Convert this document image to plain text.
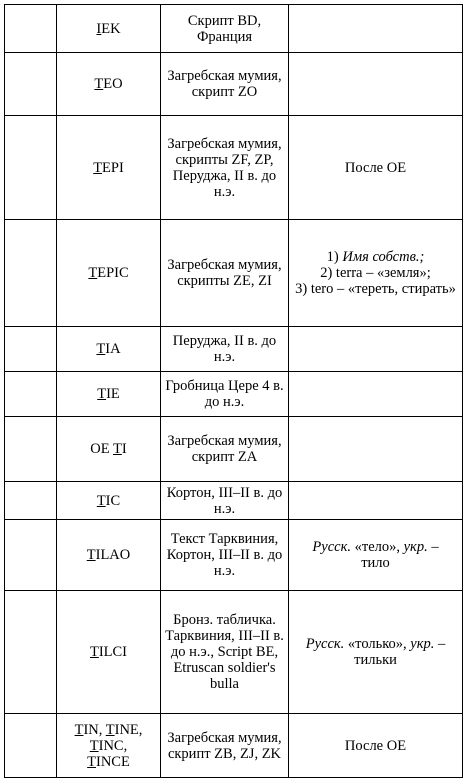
	IEK	Скрипт BD, Франция	
	TEO	Загребская мумия, скрипт ZO	
	TEPI	Загребская мумия, скрипты ZF, ZP, Перуджа, II в. до н.э.	После OE
	TEPIC	Загребская мумия, скрипты ZE, ZI	1) Имя собств.;
2) terra – «земля»;
3) tero – «тереть, стирать»
	TIA	Перуджа, II в. до н.э.	
	TIE	Гробница Цере 4 в. до н.э.	
	OE TI	Загребская мумия, скрипт ZA	
	TIC	Кортон, III–II в. до н.э.	
	TILAO	Текст Тарквиния, Кортон, III–II в. до н.э.	Русск. «тело», укр. –
тило
	TILCI	Бронз. табличка. Тарквиния, III–II в. до н.э., Script BE, Etruscan soldier's bulla	Русск. «только», укр. –
тильки
	TIN, TINE,
TINC,
TINCE	Загребская мумия, скрипт ZB, ZJ, ZK	После OE
